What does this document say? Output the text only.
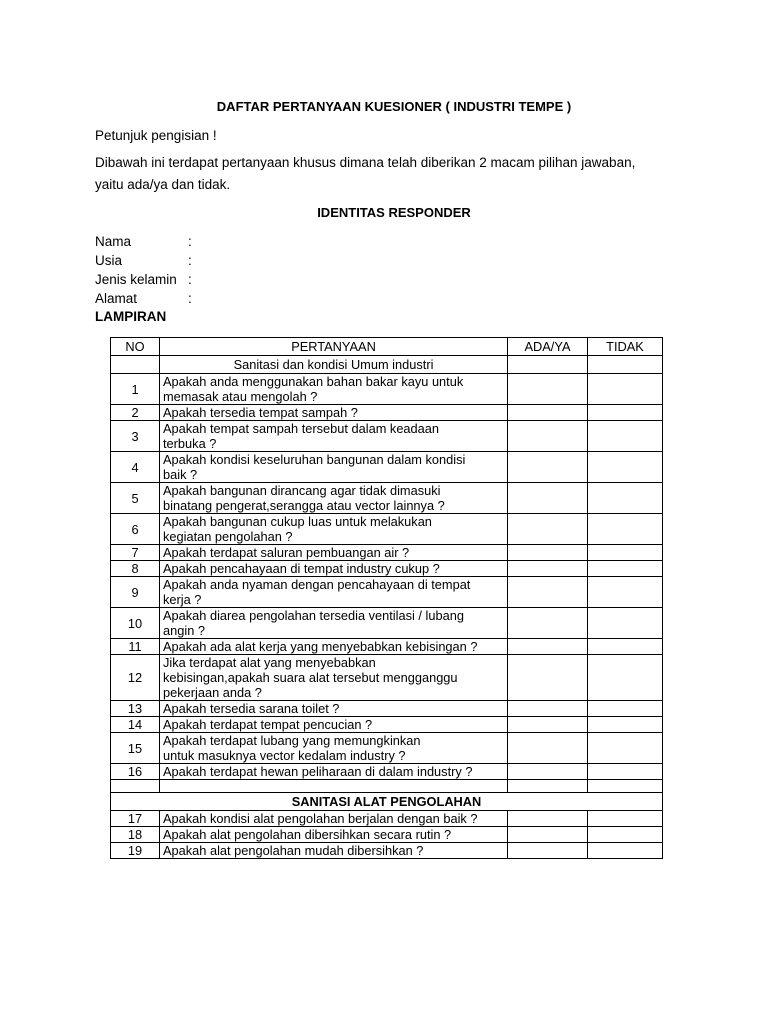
DAFTAR PERTANYAAN KUESIONER ( INDUSTRI TEMPE )
Petunjuk pengisian !
Dibawah ini terdapat pertanyaan khusus dimana telah diberikan 2 macam pilihan jawaban,
yaitu ada/ya dan tidak.
IDENTITAS RESPONDER
Nama	:
Usia	:
Jenis kelamin :
Alamat	:
LAMPIRAN
NO	PERTANYAAN	ADA/YA	TIDAK
	Sanitasi dan kondisi Umum industri		
1	Apakah anda menggunakan bahan bakar kayu untuk
memasak atau mengolah ?		

2	Apakah tersedia tempat sampah ?		

3	Apakah tempat sampah tersebut dalam keadaan
terbuka ?		

4	Apakah kondisi keseluruhan bangunan dalam kondisi
baik ?		

5	Apakah bangunan dirancang agar tidak dimasuki
binatang pengerat,serangga atau vector lainnya ?		

6	Apakah bangunan cukup luas untuk melakukan
kegiatan pengolahan ?		

7	Apakah terdapat saluran pembuangan air ?		

8	Apakah pencahayaan di tempat industry cukup ?		

9	Apakah anda nyaman dengan pencahayaan di tempat
kerja ?		

10	Apakah diarea pengolahan tersedia ventilasi / lubang
angin ?		

11	Apakah ada alat kerja yang menyebabkan kebisingan ?		

12	Jika terdapat alat yang menyebabkan
kebisingan,apakah suara alat tersebut mengganggu
pekerjaan anda ?		

13	Apakah tersedia sarana toilet ?		

14	Apakah terdapat tempat pencucian ?		

15	Apakah terdapat lubang yang memungkinkan
untuk masuknya vector kedalam industry ?		

16	Apakah terdapat hewan peliharaan di dalam industry ?		

SANITASI ALAT PENGOLAHAN			
17	Apakah kondisi alat pengolahan berjalan dengan baik ?		

18	Apakah alat pengolahan dibersihkan secara rutin ?		

19	Apakah alat pengolahan mudah dibersihkan ?		
